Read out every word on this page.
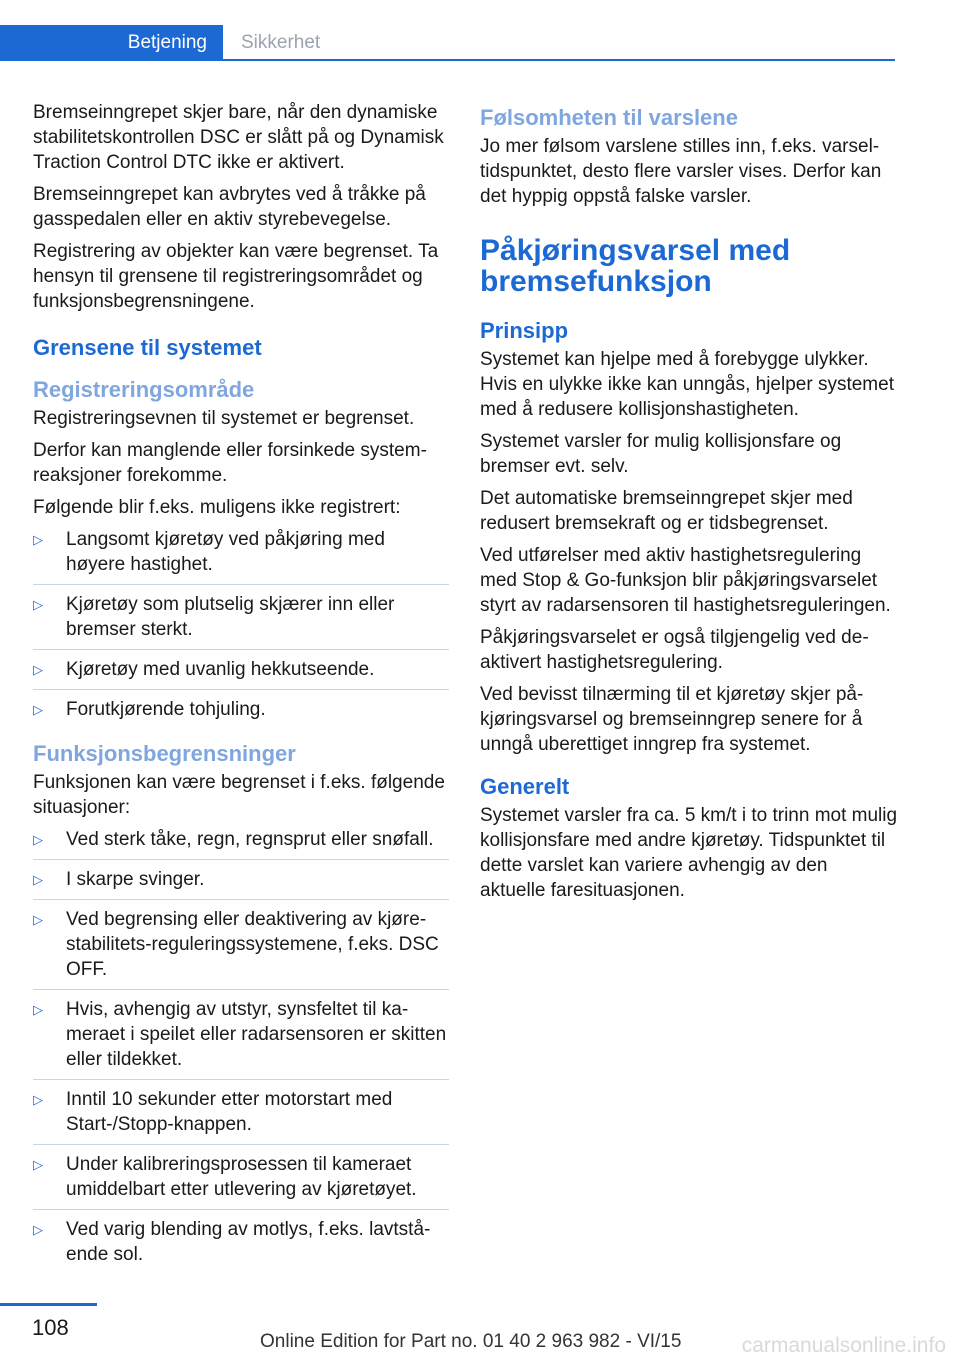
Betjening	Sikkerhet

Bremseinngrepet skjer bare, når den dynamiske stabilitetskontrollen DSC er slått på og Dynamisk Traction Control DTC ikke er aktivert.

Bremseinngrepet kan avbrytes ved å tråkke på gasspedalen eller en aktiv styrebevegelse.

Registrering av objekter kan være begrenset. Ta hensyn til grensene til registreringsområdet og funksjonsbegrensningene.

Grensene til systemet
Registreringsområde

Registreringsevnen til systemet er begrenset.

Derfor kan manglende eller forsinkede systemreaksjoner forekomme.

Følgende blir f.eks. muligens ikke registrert:

▷ Langsomt kjøretøy ved påkjøring med høyere hastighet.
▷ Kjøretøy som plutselig skjærer inn eller bremser sterkt.
▷ Kjøretøy med uvanlig hekkutseende.
▷ Forutkjørende tohjuling.
Funksjonsbegrensninger

Funksjonen kan være begrenset i f.eks. følgende situasjoner:

▷ Ved sterk tåke, regn, regnsprut eller snøfall.
▷ I skarpe svinger.
▷ Ved begrensing eller deaktivering av kjørestabilitets-reguleringssystemene, f.eks. DSC OFF.
▷ Hvis, avhengig av utstyr, synsfeltet til kameraet i speilet eller radarsensoren er skitten eller tildekket.
▷ Inntil 10 sekunder etter motorstart med Start-/Stopp-knappen.
▷ Under kalibreringsprosessen til kameraet umiddelbart etter utlevering av kjøretøyet.
▷ Ved varig blending av motlys, f.eks. lavtstående sol.
Følsomheten til varslene

Jo mer følsom varslene stilles inn, f.eks. varseltidspunktet, desto flere varsler vises. Derfor kan det hyppig oppstå falske varsler.

Påkjøringsvarsel med bremsefunksjon
Prinsipp

Systemet kan hjelpe med å forebygge ulykker. Hvis en ulykke ikke kan unngås, hjelper systemet med å redusere kollisjonshastigheten.

Systemet varsler for mulig kollisjonsfare og bremser evt. selv.

Det automatiske bremseinngrepet skjer med redusert bremsekraft og er tidsbegrenset.

Ved utførelser med aktiv hastighetsregulering med Stop & Go-funksjon blir påkjøringsvarselet styrt av radarsensoren til hastighetsreguleringen.

Påkjøringsvarselet er også tilgjengelig ved deaktivert hastighetsregulering.

Ved bevisst tilnærming til et kjøretøy skjer påkjøringsvarsel og bremseinngrep senere for å unngå uberettiget inngrep fra systemet.

Generelt

Systemet varsler fra ca. 5 km/t i to trinn mot mulig kollisjonsfare med andre kjøretøy. Tidspunktet til dette varslet kan variere avhengig av den aktuelle faresituasjonen.

108
Online Edition for Part no. 01 40 2 963 982 - VI/15	carmanualsonline.info
